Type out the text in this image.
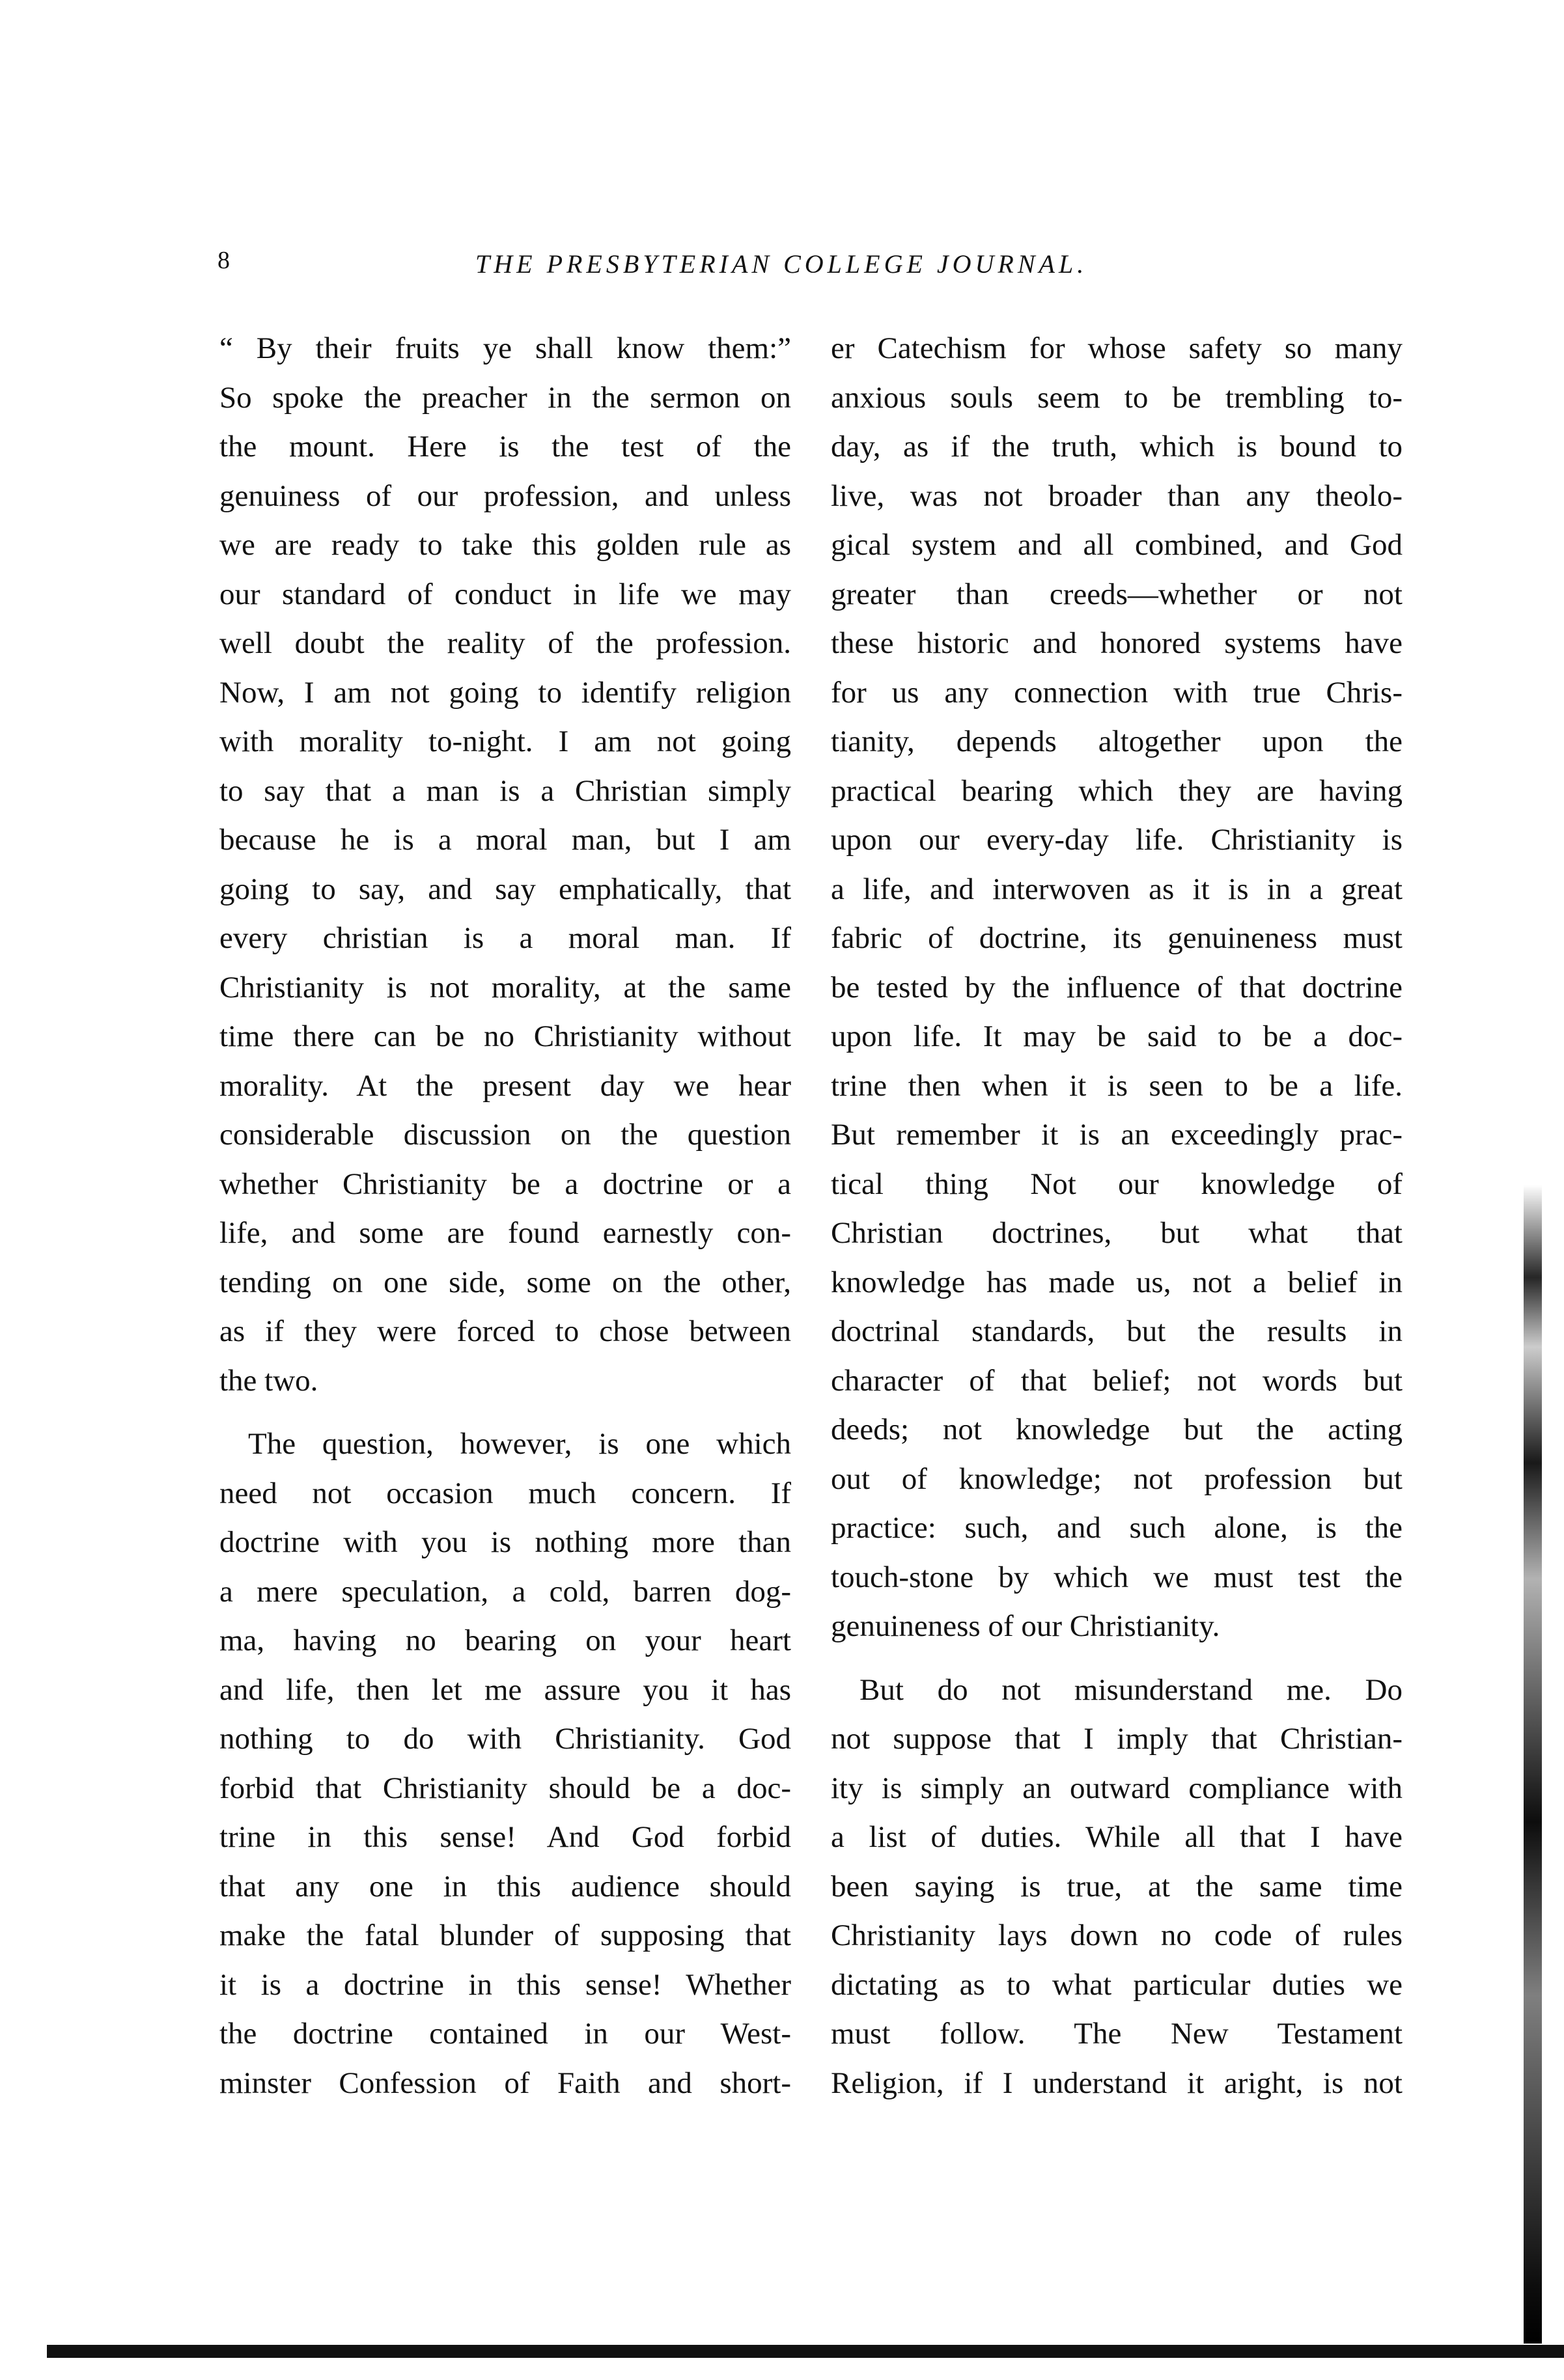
8	THE PRESBYTERIAN COLLEGE JOURNAL.
“ By their fruits ye shall know them:”
So spoke the preacher in the sermon on
the mount. Here is the test of the
genuiness of our profession, and unless
we are ready to take this golden rule as
our standard of conduct in life we may
well doubt the reality of the profession.
Now, I am not going to identify religion
with morality to-night. I am not going
to say that a man is a Christian simply
because he is a moral man, but I am
going to say, and say emphatically, that
every christian is a moral man. If
Christianity is not morality, at the same
time there can be no Christianity without
morality. At the present day we hear
considerable discussion on the question
whether Christianity be a doctrine or a
life, and some are found earnestly con-
tending on one side, some on the other,
as if they were forced to chose between
the two.
The question, however, is one which
need not occasion much concern. If
doctrine with you is nothing more than
a mere speculation, a cold, barren dog-
ma, having no bearing on your heart
and life, then let me assure you it has
nothing to do with Christianity. God
forbid that Christianity should be a doc-
trine in this sense! And God forbid
that any one in this audience should
make the fatal blunder of supposing that
it is a doctrine in this sense! Whether
the doctrine contained in our West-
minster Confession of Faith and short-
er Catechism for whose safety so many
anxious souls seem to be trembling to-
day, as if the truth, which is bound to
live, was not broader than any theolo-
gical system and all combined, and God
greater than creeds—whether or not
these historic and honored systems have
for us any connection with true Chris-
tianity, depends altogether upon the
practical bearing which they are having
upon our every-day life. Christianity is
a life, and interwoven as it is in a great
fabric of doctrine, its genuineness must
be tested by the influence of that doctrine
upon life. It may be said to be a doc-
trine then when it is seen to be a life.
But remember it is an exceedingly prac-
tical thing Not our knowledge of
Christian doctrines, but what that
knowledge has made us, not a belief in
doctrinal standards, but the results in
character of that belief; not words but
deeds; not knowledge but the acting
out of knowledge; not profession but
practice: such, and such alone, is the
touch-stone by which we must test the
genuineness of our Christianity.
But do not misunderstand me. Do
not suppose that I imply that Christian-
ity is simply an outward compliance with
a list of duties. While all that I have
been saying is true, at the same time
Christianity lays down no code of rules
dictating as to what particular duties we
must follow. The New Testament
Religion, if I understand it aright, is not
